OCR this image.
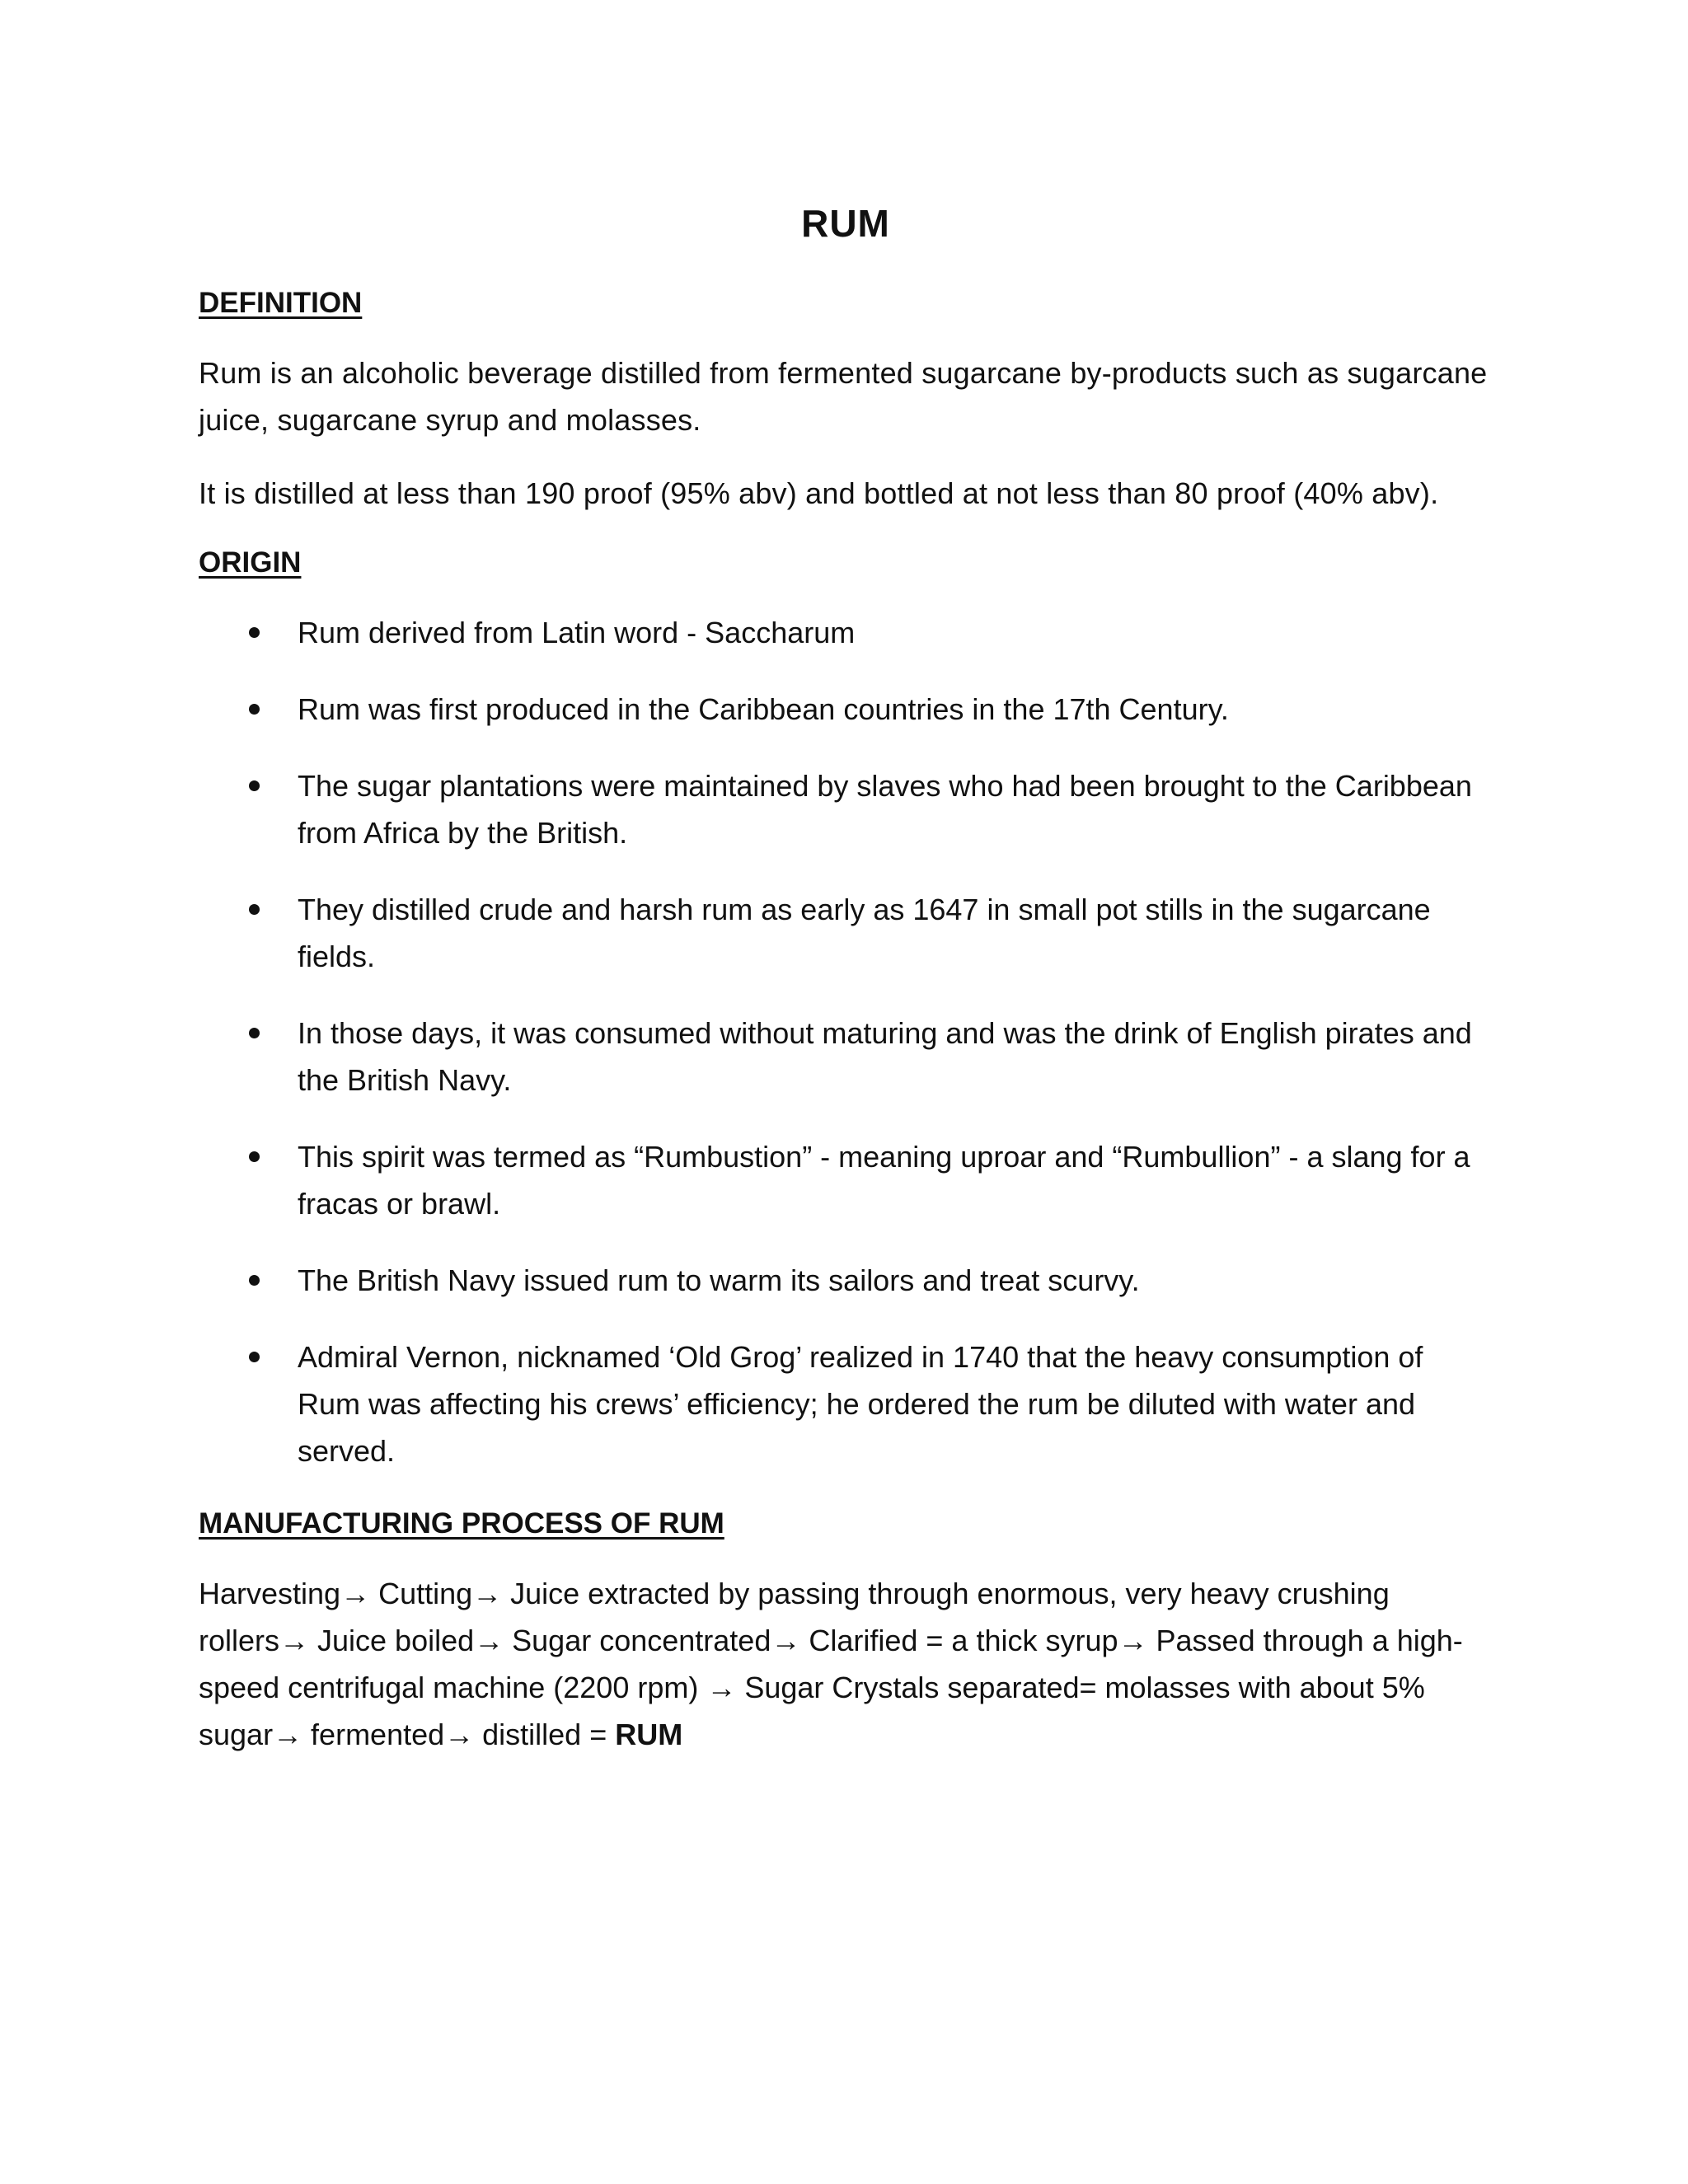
RUM
DEFINITION

Rum is an alcoholic beverage distilled from fermented sugarcane by-products such as sugarcane juice, sugarcane syrup and molasses.

It is distilled at less than 190 proof (95% abv) and bottled at not less than 80 proof (40% abv).

ORIGIN
Rum derived from Latin word - Saccharum
Rum was first produced in the Caribbean countries in the 17th Century.
The sugar plantations were maintained by slaves who had been brought to the Caribbean from Africa by the British.
They distilled crude and harsh rum as early as 1647 in small pot stills in the sugarcane fields.
In those days, it was consumed without maturing and was the drink of English pirates and the British Navy.
This spirit was termed as “Rumbustion” - meaning uproar and “Rumbullion” - a slang for a fracas or brawl.
The British Navy issued rum to warm its sailors and treat scurvy.
Admiral Vernon, nicknamed ‘Old Grog’ realized in 1740 that the heavy consumption of Rum was affecting his crews’ efficiency; he ordered the rum be diluted with water and served.
MANUFACTURING PROCESS OF RUM

Harvesting→ Cutting→ Juice extracted by passing through enormous, very heavy crushing rollers→ Juice boiled→ Sugar concentrated→ Clarified = a thick syrup→ Passed through a high-speed centrifugal machine (2200 rpm) → Sugar Crystals separated= molasses with about 5% sugar→ fermented→ distilled = RUM
